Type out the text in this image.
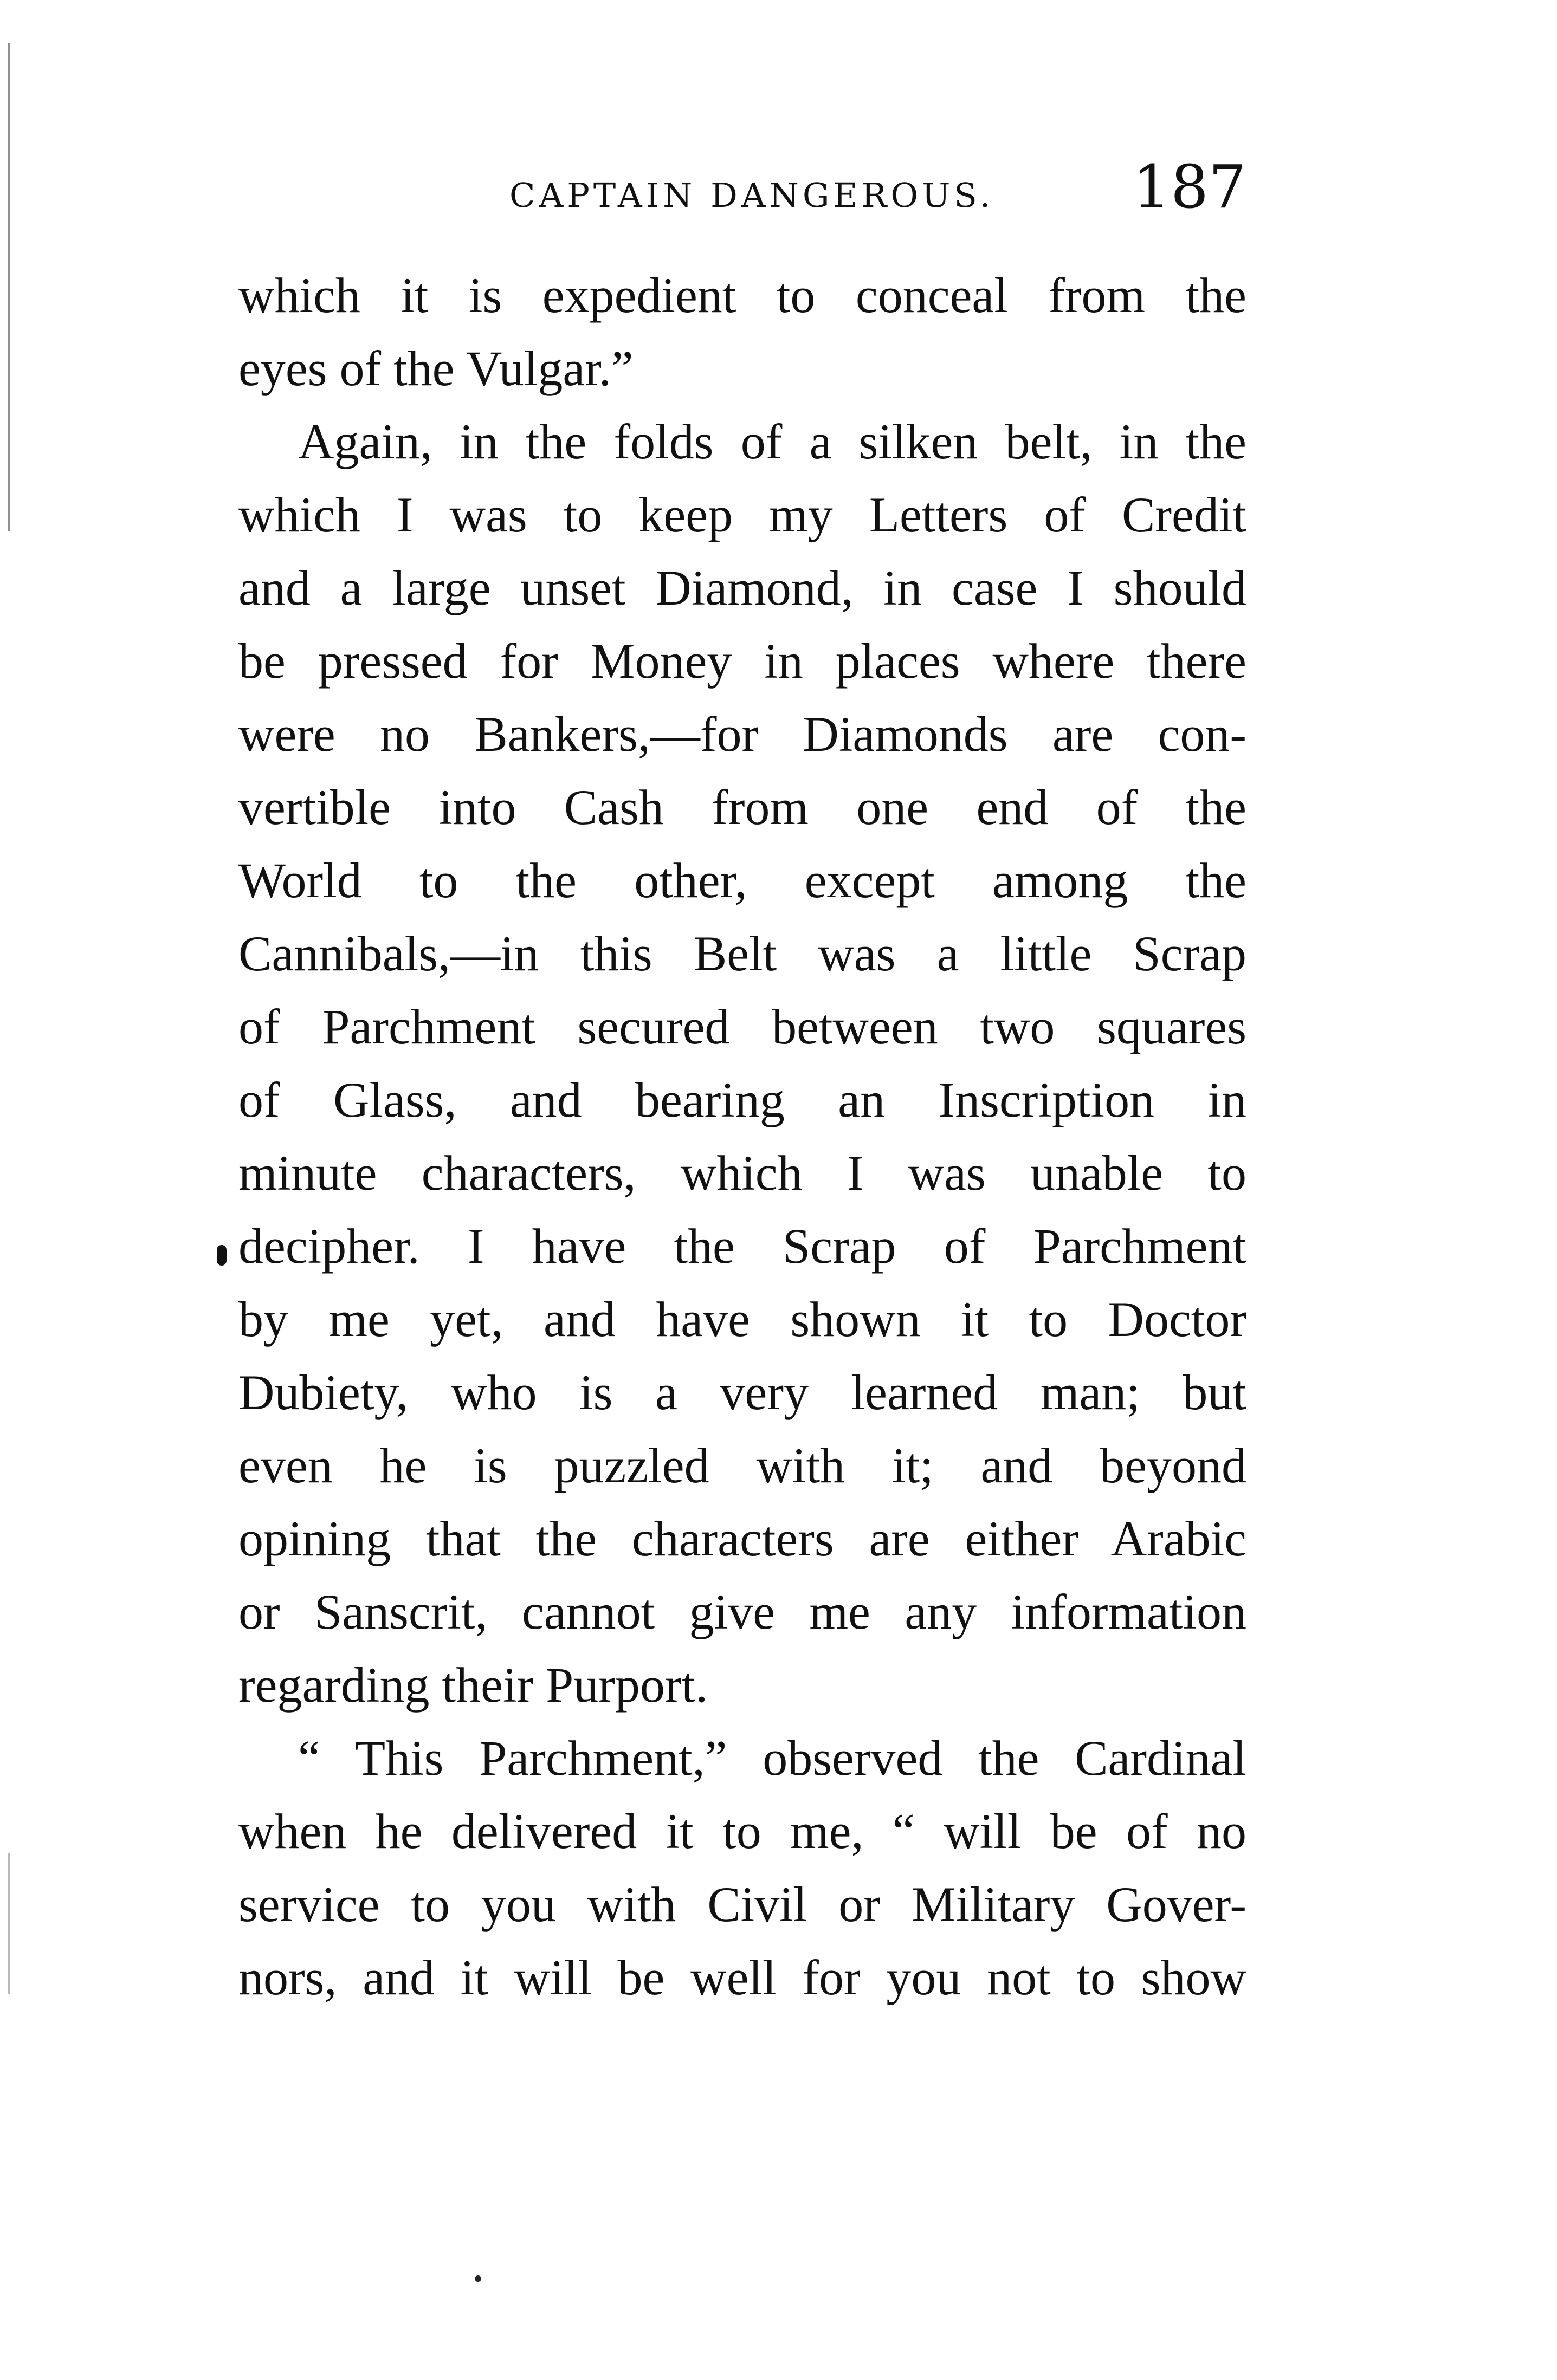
CAPTAIN DANGEROUS. 187
which it is expedient to conceal from the
eyes of the Vulgar.”
Again, in the folds of a silken belt, in the
which I was to keep my Letters of Credit
and a large unset Diamond, in case I should
be pressed for Money in places where there
were no Bankers,—for Diamonds are con-
vertible into Cash from one end of the
World to the other, except among the
Cannibals,—in this Belt was a little Scrap
of Parchment secured between two squares
of Glass, and bearing an Inscription in
minute characters, which I was unable to
decipher. I have the Scrap of Parchment
by me yet, and have shown it to Doctor
Dubiety, who is a very learned man; but
even he is puzzled with it; and beyond
opining that the characters are either Arabic
or Sanscrit, cannot give me any information
regarding their Purport.
“ This Parchment,” observed the Cardinal
when he delivered it to me, “ will be of no
service to you with Civil or Military Gover-
nors, and it will be well for you not to show
